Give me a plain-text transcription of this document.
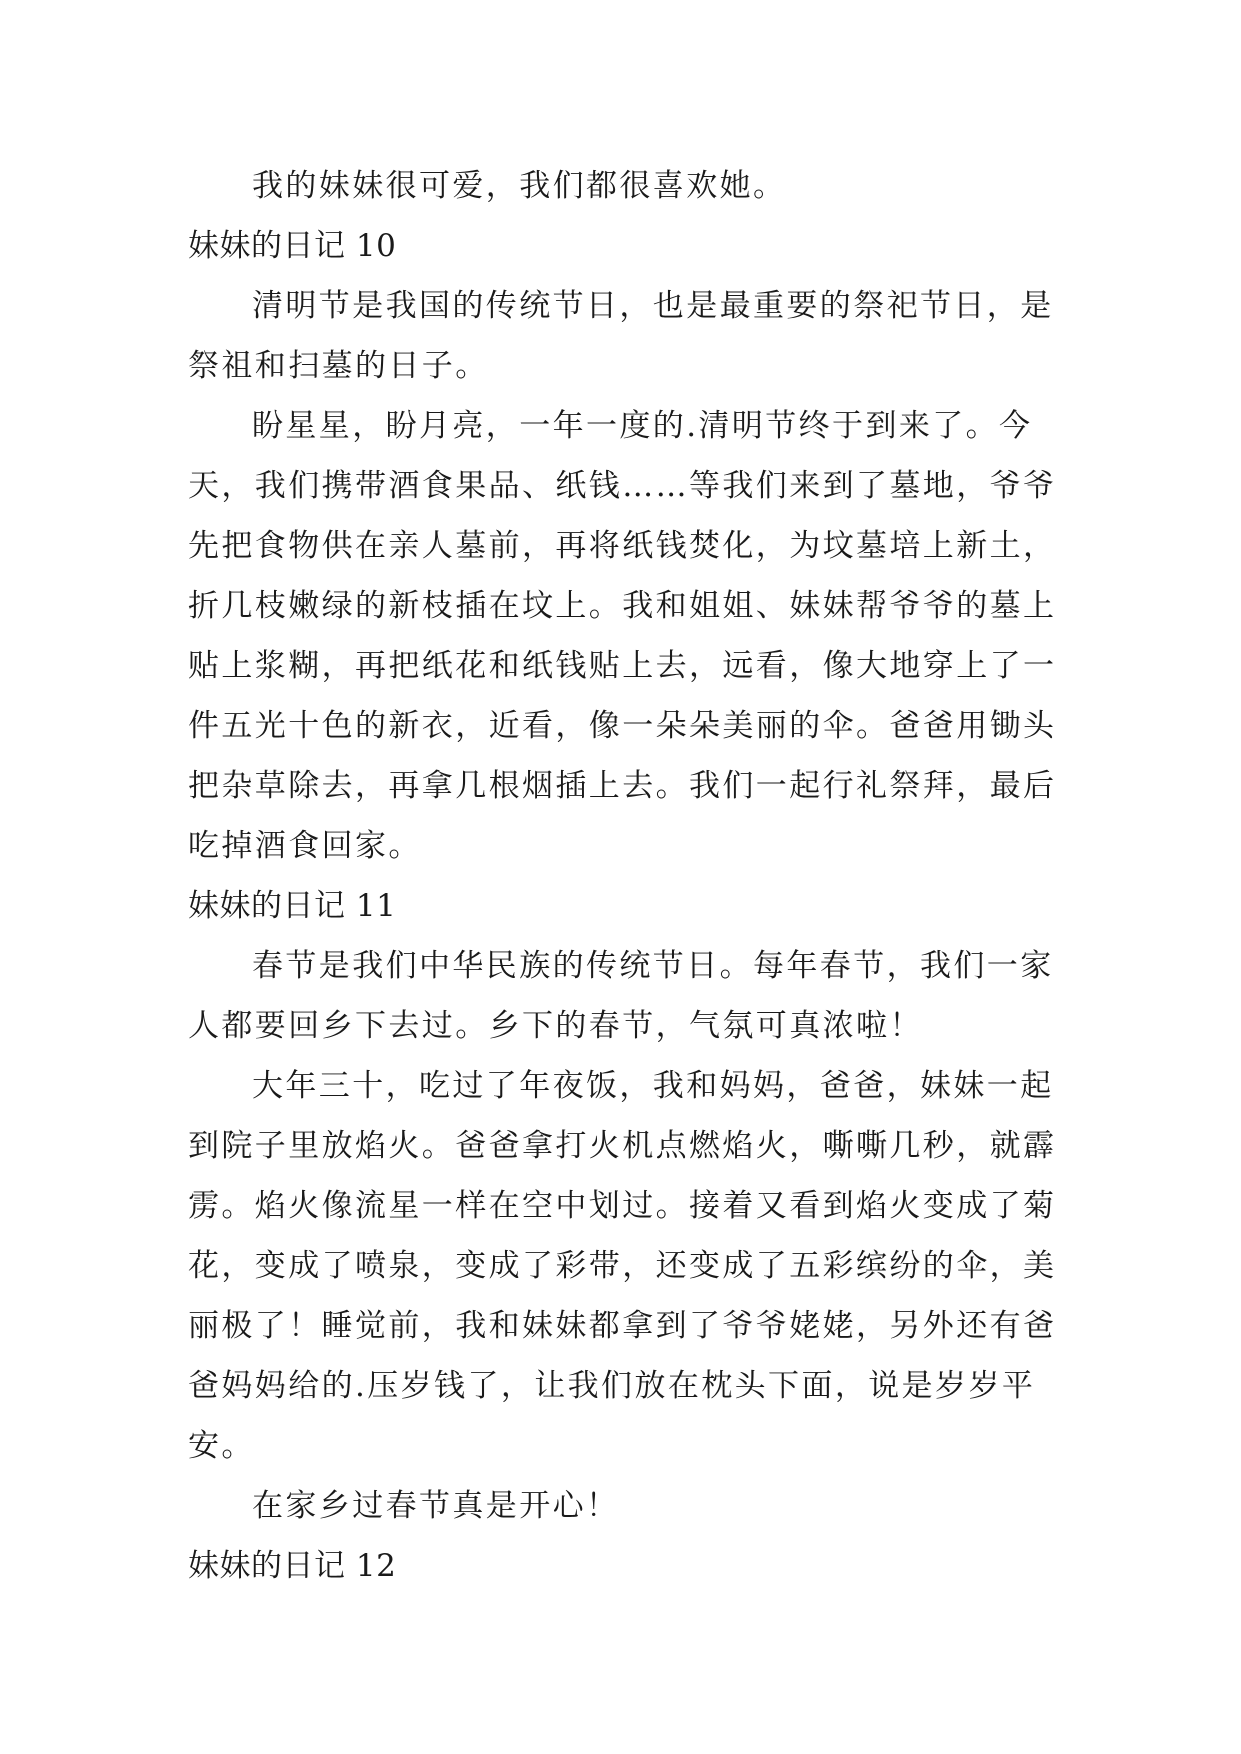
我的妹妹很可爱，我们都很喜欢她。
妹妹的日记 10
清明节是我国的传统节日，也是最重要的祭祀节日，是
祭祖和扫墓的日子。
盼星星，盼月亮，一年一度的.清明节终于到来了。今
天，我们携带酒食果品、纸钱……等我们来到了墓地，爷爷
先把食物供在亲人墓前，再将纸钱焚化，为坟墓培上新土，
折几枝嫩绿的新枝插在坟上。我和姐姐、妹妹帮爷爷的墓上
贴上浆糊，再把纸花和纸钱贴上去，远看，像大地穿上了一
件五光十色的新衣，近看，像一朵朵美丽的伞。爸爸用锄头
把杂草除去，再拿几根烟插上去。我们一起行礼祭拜，最后
吃掉酒食回家。
妹妹的日记 11
春节是我们中华民族的传统节日。每年春节，我们一家
人都要回乡下去过。乡下的春节，气氛可真浓啦！
大年三十，吃过了年夜饭，我和妈妈，爸爸，妹妹一起
到院子里放焰火。爸爸拿打火机点燃焰火，嘶嘶几秒，就霹
雳。焰火像流星一样在空中划过。接着又看到焰火变成了菊
花，变成了喷泉，变成了彩带，还变成了五彩缤纷的伞，美
丽极了！睡觉前，我和妹妹都拿到了爷爷姥姥，另外还有爸
爸妈妈给的.压岁钱了，让我们放在枕头下面，说是岁岁平
安。
在家乡过春节真是开心！
妹妹的日记 12
